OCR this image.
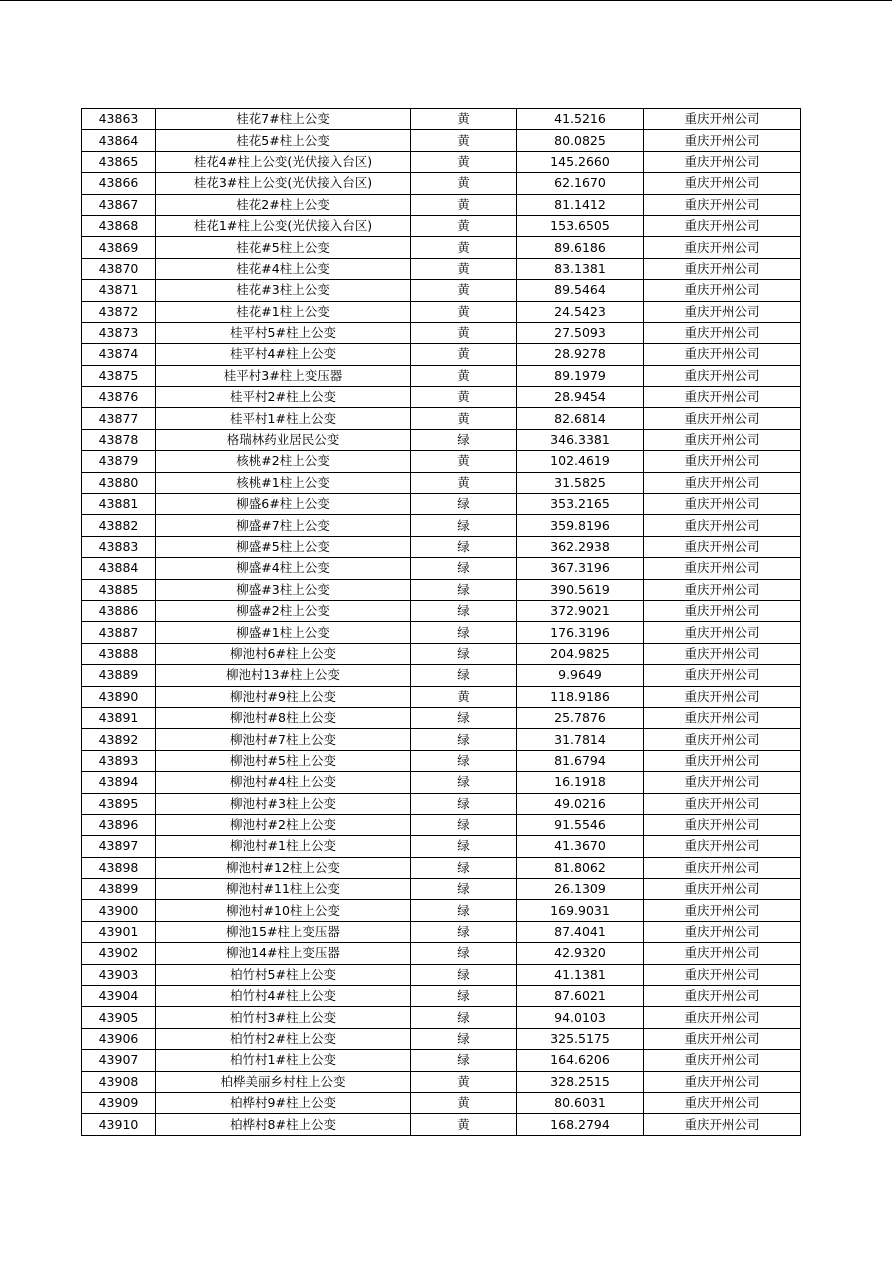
43863	桂花7#柱上公变	黄	41.5216	重庆开州公司
43864	桂花5#柱上公变	黄	80.0825	重庆开州公司
43865	桂花4#柱上公变(光伏接入台区)	黄	145.2660	重庆开州公司
43866	桂花3#柱上公变(光伏接入台区)	黄	62.1670	重庆开州公司
43867	桂花2#柱上公变	黄	81.1412	重庆开州公司
43868	桂花1#柱上公变(光伏接入台区)	黄	153.6505	重庆开州公司
43869	桂花#5柱上公变	黄	89.6186	重庆开州公司
43870	桂花#4柱上公变	黄	83.1381	重庆开州公司
43871	桂花#3柱上公变	黄	89.5464	重庆开州公司
43872	桂花#1柱上公变	黄	24.5423	重庆开州公司
43873	桂平村5#柱上公变	黄	27.5093	重庆开州公司
43874	桂平村4#柱上公变	黄	28.9278	重庆开州公司
43875	桂平村3#柱上变压器	黄	89.1979	重庆开州公司
43876	桂平村2#柱上公变	黄	28.9454	重庆开州公司
43877	桂平村1#柱上公变	黄	82.6814	重庆开州公司
43878	格瑞林药业居民公变	绿	346.3381	重庆开州公司
43879	核桃#2柱上公变	黄	102.4619	重庆开州公司
43880	核桃#1柱上公变	黄	31.5825	重庆开州公司
43881	柳盛6#柱上公变	绿	353.2165	重庆开州公司
43882	柳盛#7柱上公变	绿	359.8196	重庆开州公司
43883	柳盛#5柱上公变	绿	362.2938	重庆开州公司
43884	柳盛#4柱上公变	绿	367.3196	重庆开州公司
43885	柳盛#3柱上公变	绿	390.5619	重庆开州公司
43886	柳盛#2柱上公变	绿	372.9021	重庆开州公司
43887	柳盛#1柱上公变	绿	176.3196	重庆开州公司
43888	柳池村6#柱上公变	绿	204.9825	重庆开州公司
43889	柳池村13#柱上公变	绿	9.9649	重庆开州公司
43890	柳池村#9柱上公变	黄	118.9186	重庆开州公司
43891	柳池村#8柱上公变	绿	25.7876	重庆开州公司
43892	柳池村#7柱上公变	绿	31.7814	重庆开州公司
43893	柳池村#5柱上公变	绿	81.6794	重庆开州公司
43894	柳池村#4柱上公变	绿	16.1918	重庆开州公司
43895	柳池村#3柱上公变	绿	49.0216	重庆开州公司
43896	柳池村#2柱上公变	绿	91.5546	重庆开州公司
43897	柳池村#1柱上公变	绿	41.3670	重庆开州公司
43898	柳池村#12柱上公变	绿	81.8062	重庆开州公司
43899	柳池村#11柱上公变	绿	26.1309	重庆开州公司
43900	柳池村#10柱上公变	绿	169.9031	重庆开州公司
43901	柳池15#柱上变压器	绿	87.4041	重庆开州公司
43902	柳池14#柱上变压器	绿	42.9320	重庆开州公司
43903	柏竹村5#柱上公变	绿	41.1381	重庆开州公司
43904	柏竹村4#柱上公变	绿	87.6021	重庆开州公司
43905	柏竹村3#柱上公变	绿	94.0103	重庆开州公司
43906	柏竹村2#柱上公变	绿	325.5175	重庆开州公司
43907	柏竹村1#柱上公变	绿	164.6206	重庆开州公司
43908	柏桦美丽乡村柱上公变	黄	328.2515	重庆开州公司
43909	柏桦村9#柱上公变	黄	80.6031	重庆开州公司
43910	柏桦村8#柱上公变	黄	168.2794	重庆开州公司
